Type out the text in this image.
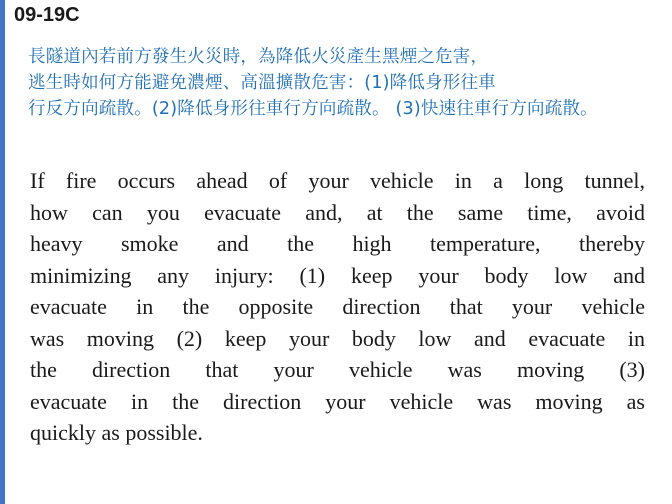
09-19C
長隧道內若前方發生火災時，為降低火災產生黑煙之危害， 逃生時如何方能避免濃煙、高溫擴散危害：(1)降低身形往車 行反方向疏散。(2)降低身形往車行方向疏散。 (3)快速往車行方向疏散。
If fire occurs ahead of your vehicle in a long tunnel,
how can you evacuate and, at the same time, avoid
heavy smoke and the high temperature, thereby
minimizing any injury: (1) keep your body low and
evacuate in the opposite direction that your vehicle
was moving (2) keep your body low and evacuate in
the direction that your vehicle was moving (3)
evacuate in the direction your vehicle was moving as
quickly as possible.
